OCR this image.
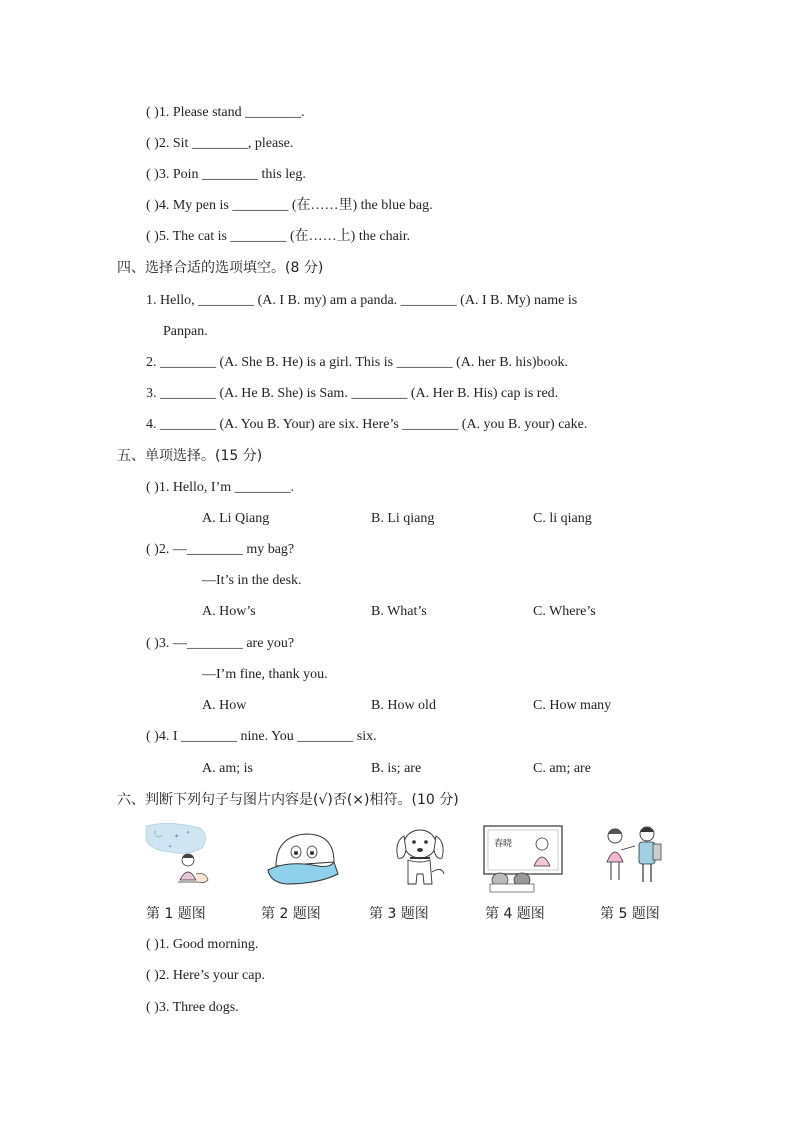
( )1. Please stand ________.
( )2. Sit ________, please.
( )3. Poin ________ this leg.
( )4. My pen is ________ (在……里) the blue bag.
( )5. The cat is ________ (在……上) the chair.
四、选择合适的选项填空。(8 分)
1. Hello, ________ (A. I B. my) am a panda. ________ (A. I B. My) name is
Panpan.
2. ________ (A. She B. He) is a girl. This is ________ (A. her B. his)book.
3. ________ (A. He B. She) is Sam. ________ (A. Her B. His) cap is red.
4. ________ (A. You B. Your) are six. Here’s ________ (A. you B. your) cake.
五、单项选择。(15 分)
( )1. Hello, I’m ________.
A. Li Qiang	B. Li qiang	C. li qiang
( )2. —________ my bag?
—It’s in the desk.
A. How’s	B. What’s	C. Where’s
( )3. —________ are you?
—I’m fine, thank you.
A. How	B. How old	C. How many
( )4. I ________ nine. You ________ six.
A. am; is	B. is; are	C. am; are
六、判断下列句子与图片内容是(√)否(×)相符。(10 分)
✦
✦
✦	春晓
第 1 题图	第 2 题图	第 3 题图	第 4 题图	第 5 题图
( )1. Good morning.
( )2. Here’s your cap.
( )3. Three dogs.
